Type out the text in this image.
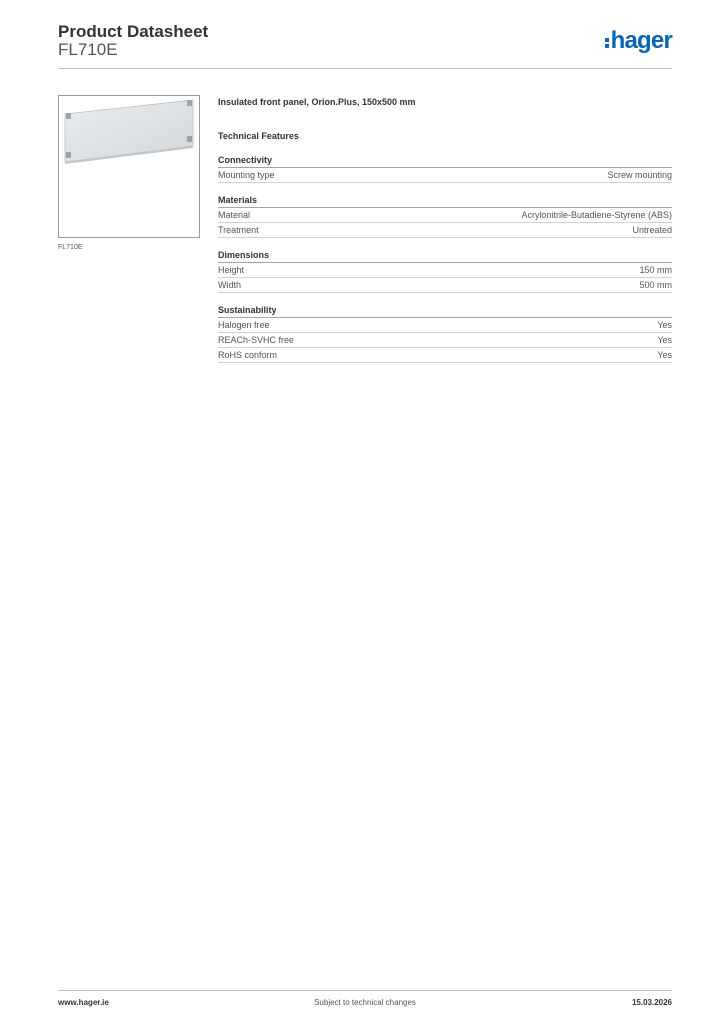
Product Datasheet
FL710E	hager
FL710E
Insulated front panel, Orion.Plus, 150x500 mm
Technical Features
Connectivity
Mounting type	Screw mounting
Materials
Material	Acrylonitrile-Butadiene-Styrene (ABS)
Treatment	Untreated
Dimensions
Height	150 mm
Width	500 mm
Sustainability
Halogen free	Yes
REACh-SVHC free	Yes
RoHS conform	Yes
Subject to technical changes
www.hager.ie	15.03.2026
